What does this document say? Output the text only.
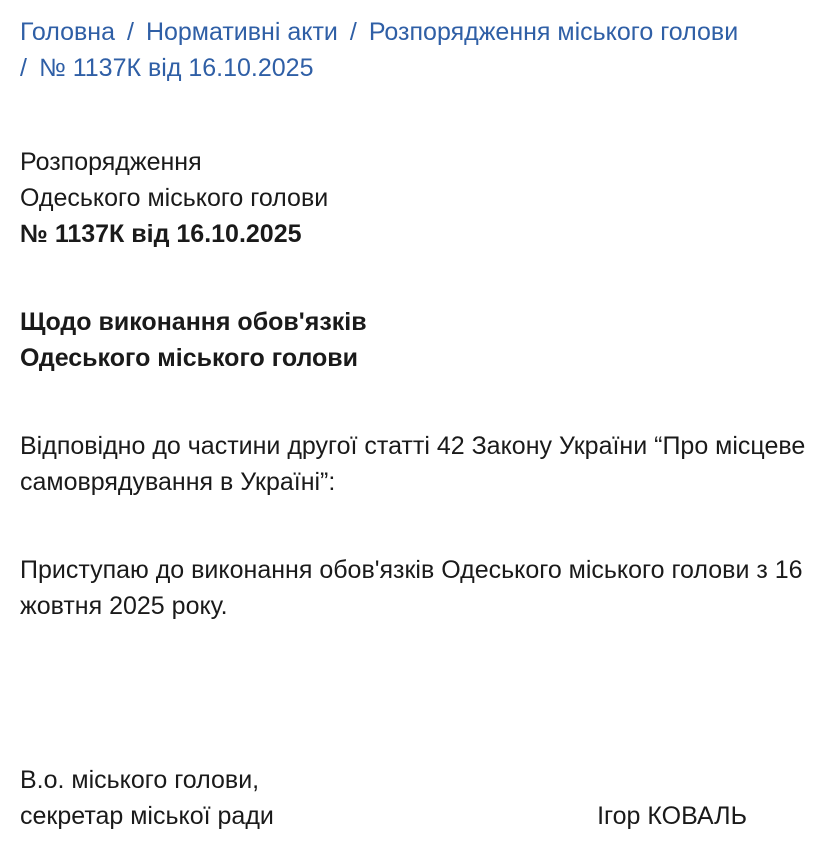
Головна / Нормативні акти / Розпорядження міського голови
/ № 1137К від 16.10.2025
Розпорядження
Одеського міського голови
№ 1137К від 16.10.2025
Щодо виконання обов'язків
Одеського міського голови

Відповідно до частини другої статті 42 Закону України “Про місцеве самоврядування в Україні”:

Приступаю до виконання обов'язків Одеського міського голови з 16 жовтня 2025 року.

В.о. міського голови,
секретар міської ради	Ігор КОВАЛЬ
